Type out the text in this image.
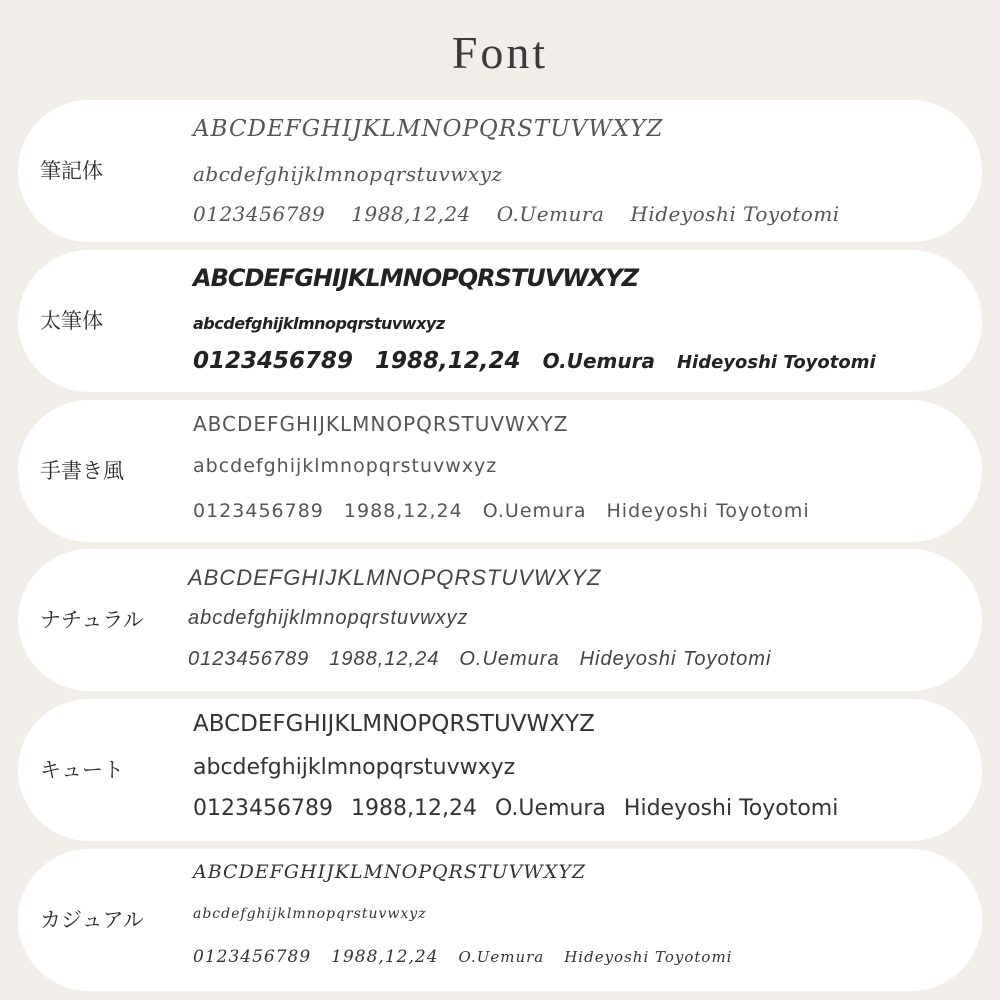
Font
筆記体
ABCDEFGHIJKLMNOPQRSTUVWXYZ
abcdefghijklmnopqrstuvwxyz
0123456789 1988,12,24 O.Uemura Hideyoshi Toyotomi
太筆体
ABCDEFGHIJKLMNOPQRSTUVWXYZ
abcdefghijklmnopqrstuvwxyz
0123456789 1988,12,24 O.Uemura Hideyoshi Toyotomi
手書き風
ABCDEFGHIJKLMNOPQRSTUVWXYZ
abcdefghijklmnopqrstuvwxyz
0123456789 1988,12,24 O.Uemura Hideyoshi Toyotomi
ナチュラル
ABCDEFGHIJKLMNOPQRSTUVWXYZ
abcdefghijklmnopqrstuvwxyz
0123456789 1988,12,24 O.Uemura Hideyoshi Toyotomi
キュート
ABCDEFGHIJKLMNOPQRSTUVWXYZ
abcdefghijklmnopqrstuvwxyz
0123456789 1988,12,24 O.Uemura Hideyoshi Toyotomi
カジュアル
ABCDEFGHIJKLMNOPQRSTUVWXYZ
abcdefghijklmnopqrstuvwxyz
0123456789 1988,12,24 O.Uemura Hideyoshi Toyotomi
